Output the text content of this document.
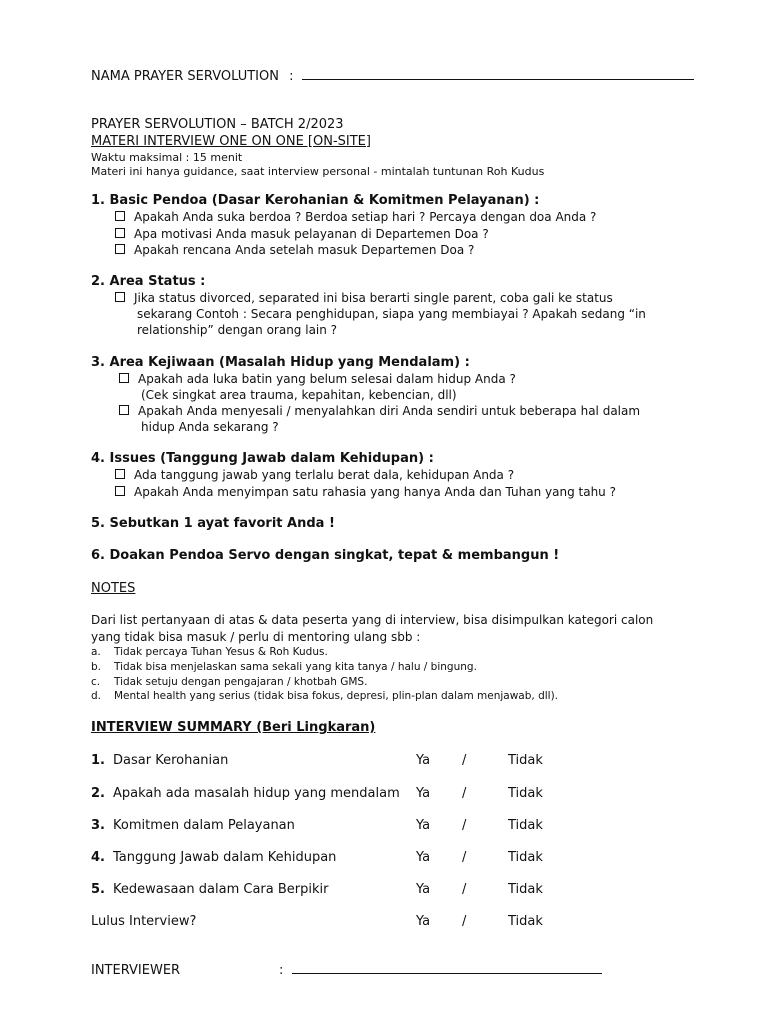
NAMA PRAYER SERVOLUTION :
PRAYER SERVOLUTION – BATCH 2/2023
MATERI INTERVIEW ONE ON ONE [ON-SITE]
Waktu maksimal : 15 menit
Materi ini hanya guidance, saat interview personal - mintalah tuntunan Roh Kudus
1. Basic Pendoa (Dasar Kerohanian & Komitmen Pelayanan) :
Apakah Anda suka berdoa ? Berdoa setiap hari ? Percaya dengan doa Anda ?
Apa motivasi Anda masuk pelayanan di Departemen Doa ?
Apakah rencana Anda setelah masuk Departemen Doa ?
2. Area Status :
Jika status divorced, separated ini bisa berarti single parent, coba gali ke status
sekarang Contoh : Secara penghidupan, siapa yang membiayai ? Apakah sedang “in
relationship” dengan orang lain ?
3. Area Kejiwaan (Masalah Hidup yang Mendalam) :
Apakah ada luka batin yang belum selesai dalam hidup Anda ?
(Cek singkat area trauma, kepahitan, kebencian, dll)
Apakah Anda menyesali / menyalahkan diri Anda sendiri untuk beberapa hal dalam
hidup Anda sekarang ?
4. Issues (Tanggung Jawab dalam Kehidupan) :
Ada tanggung jawab yang terlalu berat dala, kehidupan Anda ?
Apakah Anda menyimpan satu rahasia yang hanya Anda dan Tuhan yang tahu ?
5. Sebutkan 1 ayat favorit Anda !
6. Doakan Pendoa Servo dengan singkat, tepat & membangun !
NOTES
Dari list pertanyaan di atas & data peserta yang di interview, bisa disimpulkan kategori calon
yang tidak bisa masuk / perlu di mentoring ulang sbb :
a. Tidak percaya Tuhan Yesus & Roh Kudus.
b. Tidak bisa menjelaskan sama sekali yang kita tanya / halu / bingung.
c. Tidak setuju dengan pengajaran / khotbah GMS.
d. Mental health yang serius (tidak bisa fokus, depresi, plin-plan dalam menjawab, dll).
INTERVIEW SUMMARY (Beri Lingkaran)
1. Dasar Kerohanian	Ya /	Tidak
2. Apakah ada masalah hidup yang mendalam Ya /	Tidak
3. Komitmen dalam Pelayanan	Ya /	Tidak
4. Tanggung Jawab dalam Kehidupan	Ya /	Tidak
5. Kedewasaan dalam Cara Berpikir	Ya /	Tidak
Lulus Interview?	Ya /	Tidak
INTERVIEWER	:
